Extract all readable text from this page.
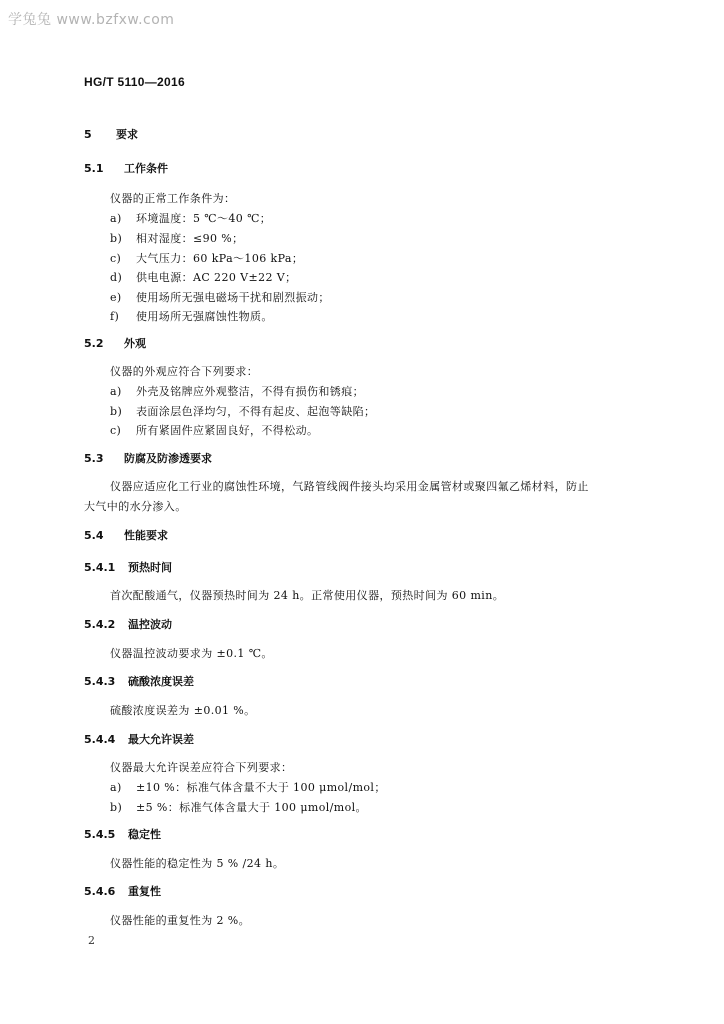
学兔兔 www.bzfxw.com
HG/T 5110—2016
5 要求
5.1 工作条件
仪器的正常工作条件为：
a) 环境温度：5 ℃～40 ℃；
b) 相对湿度：≤90 %；
c) 大气压力：60 kPa～106 kPa；
d) 供电电源：AC 220 V±22 V；
e) 使用场所无强电磁场干扰和剧烈振动；
f) 使用场所无强腐蚀性物质。
5.2 外观
仪器的外观应符合下列要求：
a) 外壳及铭牌应外观整洁，不得有损伤和锈痕；
b) 表面涂层色泽均匀，不得有起皮、起泡等缺陷；
c) 所有紧固件应紧固良好，不得松动。
5.3 防腐及防渗透要求
仪器应适应化工行业的腐蚀性环境，气路管线阀件接头均采用金属管材或聚四氟乙烯材料，防止
大气中的水分渗入。
5.4 性能要求
5.4.1 预热时间
首次配酸通气，仪器预热时间为 24 h。正常使用仪器，预热时间为 60 min。
5.4.2 温控波动
仪器温控波动要求为 ±0.1 ℃。
5.4.3 硫酸浓度误差
硫酸浓度误差为 ±0.01 %。
5.4.4 最大允许误差
仪器最大允许误差应符合下列要求：
a) ±10 %：标准气体含量不大于 100 μmol/mol；
b) ±5 %：标准气体含量大于 100 μmol/mol。
5.4.5 稳定性
仪器性能的稳定性为 5 % /24 h。
5.4.6 重复性
仪器性能的重复性为 2 %。
2
